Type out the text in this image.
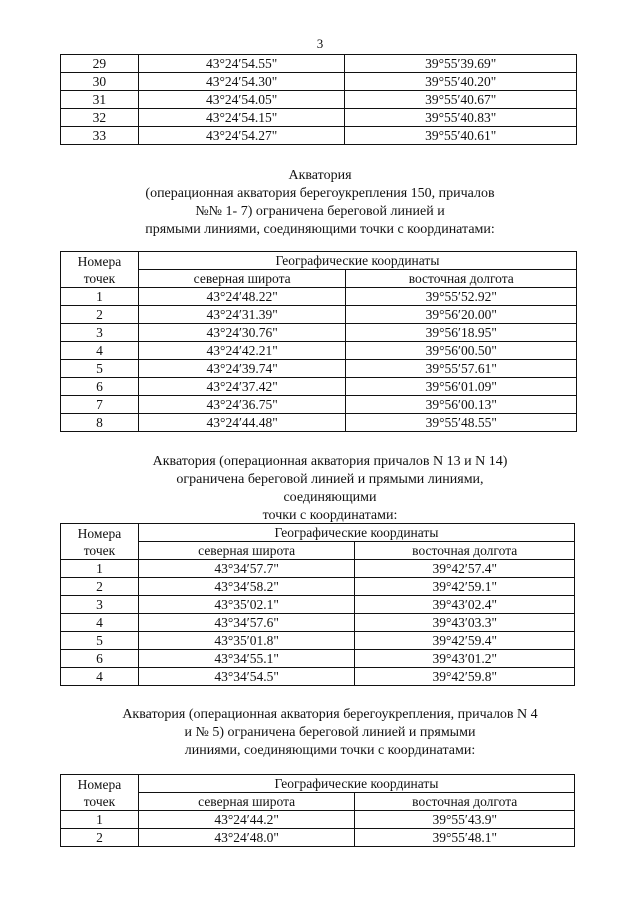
3
29	43°24′54.55"	39°55′39.69"
30	43°24′54.30"	39°55′40.20"
31	43°24′54.05"	39°55′40.67"
32	43°24′54.15"	39°55′40.83"
33	43°24′54.27"	39°55′40.61"
Акватория
(операционная акватория берегоукрепления 150, причалов
№№ 1- 7) ограничена береговой линией и
прямыми линиями, соединяющими точки с координатами:
Номера
точек	Географические координаты	
	северная широта	восточная долгота
1	43°24′48.22"	39°55′52.92"
2	43°24′31.39"	39°56′20.00"
3	43°24′30.76"	39°56′18.95"
4	43°24′42.21"	39°56′00.50"
5	43°24′39.74"	39°55′57.61"
6	43°24′37.42"	39°56′01.09"
7	43°24′36.75"	39°56′00.13"
8	43°24′44.48"	39°55′48.55"
Акватория (операционная акватория причалов N 13 и N 14)
ограничена береговой линией и прямыми линиями, соединяющими
точки с координатами:
Номера
точек	Географические координаты	
	северная широта	восточная долгота
1	43°34′57.7"	39°42′57.4"
2	43°34′58.2"	39°42′59.1"
3	43°35′02.1"	39°43′02.4"
4	43°34′57.6"	39°43′03.3"
5	43°35′01.8"	39°42′59.4"
6	43°34′55.1"	39°43′01.2"
4	43°34′54.5"	39°42′59.8"
Акватория (операционная акватория берегоукрепления, причалов N 4
и № 5) ограничена береговой линией и прямыми
линиями, соединяющими точки с координатами:
Номера
точек	Географические координаты	
	северная широта	восточная долгота
1	43°24′44.2"	39°55′43.9"
2	43°24′48.0"	39°55′48.1"
